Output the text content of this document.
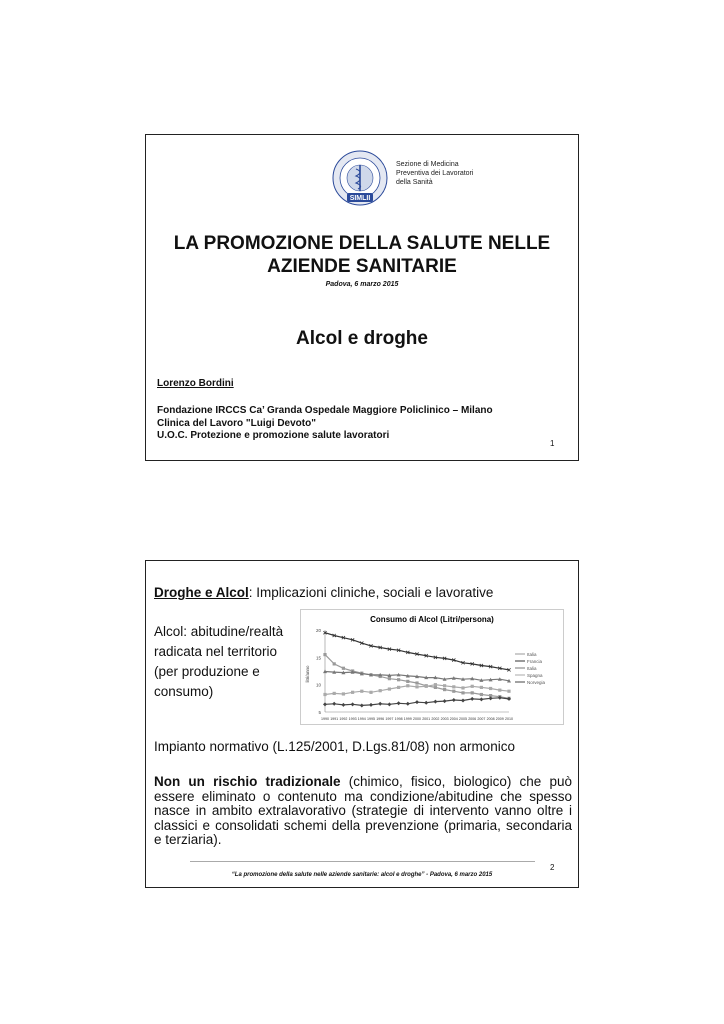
SIMLII
Sezione di Medicina
Preventiva dei Lavoratori
della Sanità
LA PROMOZIONE DELLA SALUTE NELLE
AZIENDE SANITARIE
Padova, 6 marzo 2015
Alcol e droghe
Lorenzo Bordini
Fondazione IRCCS Ca’ Granda Ospedale Maggiore Policlinico – Milano
Clinica del Lavoro "Luigi Devoto"
U.O.C. Protezione e promozione salute lavoratori
1
Droghe e Alcol: Implicazioni cliniche, sociali e lavorative
Alcol: abitudine/realtà
radicata nel territorio
(per produzione e
consumo)
Consumo di Alcol (Litri/persona)
20
15
10
5
litri/anno
1990 1991 1992 1993 1994 1995 1996 1997 1998 1999 2000 2001 2002 2003 2004 2005 2006 2007 2008 2009 2010
Italia
Francia
Italia
Spagna
Norvegia
Impianto normativo (L.125/2001, D.Lgs.81/08) non armonico
Non un rischio tradizionale (chimico, fisico, biologico) che può essere eliminato o contenuto ma condizione/abitudine che spesso nasce in ambito extralavorativo (strategie di intervento vanno oltre i classici e consolidati schemi della prevenzione (primaria, secondaria e terziaria).
2
“La promozione della salute nelle aziende sanitarie: alcol e droghe” - Padova, 6 marzo 2015
